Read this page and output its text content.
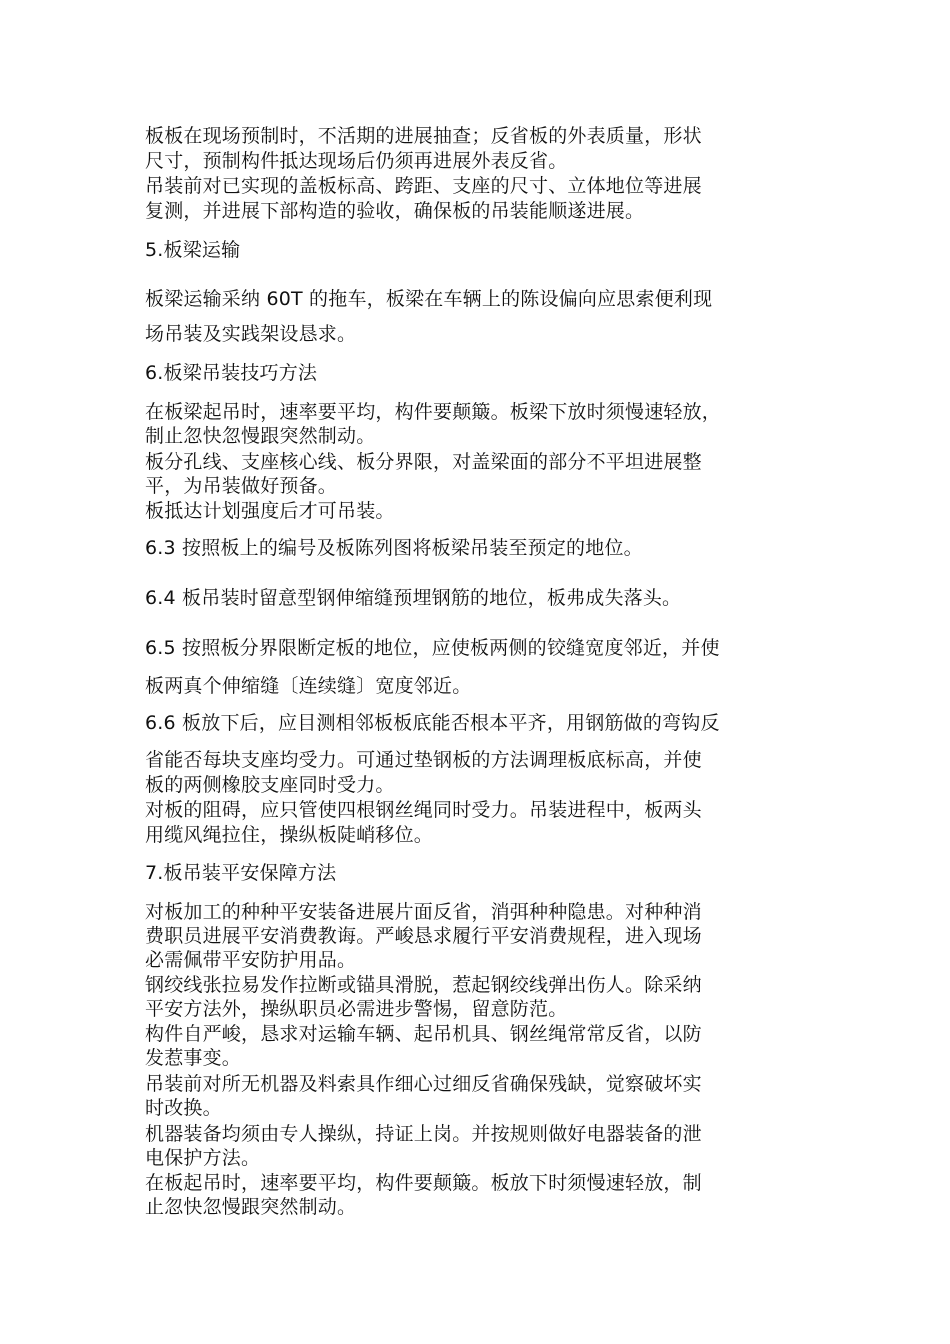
板板在现场预制时，不活期的进展抽查；反省板的外表质量，形状
尺寸，预制构件抵达现场后仍须再进展外表反省。
吊装前对已实现的盖板标高、跨距、支座的尺寸、立体地位等进展
复测，并进展下部构造的验收，确保板的吊装能顺遂进展。
5.板梁运输
板梁运输采纳 60T 的拖车，板梁在车辆上的陈设偏向应思索便利现
场吊装及实践架设恳求。
6.板梁吊装技巧方法
在板梁起吊时，速率要平均，构件要颠簸。板梁下放时须慢速轻放，
制止忽快忽慢跟突然制动。
板分孔线、支座核心线、板分界限，对盖梁面的部分不平坦进展整
平，为吊装做好预备。
板抵达计划强度后才可吊装。
6.3 按照板上的编号及板陈列图将板梁吊装至预定的地位。
6.4 板吊装时留意型钢伸缩缝预埋钢筋的地位，板弗成失落头。
6.5 按照板分界限断定板的地位，应使板两侧的铰缝宽度邻近，并使
板两真个伸缩缝〔连续缝〕宽度邻近。
6.6 板放下后，应目测相邻板板底能否根本平齐，用钢筋做的弯钩反
省能否每块支座均受力。可通过垫钢板的方法调理板底标高，并使
板的两侧橡胶支座同时受力。
对板的阻碍，应只管使四根钢丝绳同时受力。吊装进程中，板两头
用缆风绳拉住，操纵板陡峭移位。
7.板吊装平安保障方法
对板加工的种种平安装备进展片面反省，消弭种种隐患。对种种消
费职员进展平安消费教诲。严峻恳求履行平安消费规程，进入现场
必需佩带平安防护用品。
钢绞线张拉易发作拉断或锚具滑脱，惹起钢绞线弹出伤人。除采纳
平安方法外，操纵职员必需进步警惕，留意防范。
构件自严峻，恳求对运输车辆、起吊机具、钢丝绳常常反省，以防
发惹事变。
吊装前对所无机器及料索具作细心过细反省确保残缺，觉察破坏实
时改换。
机器装备均须由专人操纵，持证上岗。并按规则做好电器装备的泄
电保护方法。
在板起吊时，速率要平均，构件要颠簸。板放下时须慢速轻放，制
止忽快忽慢跟突然制动。
